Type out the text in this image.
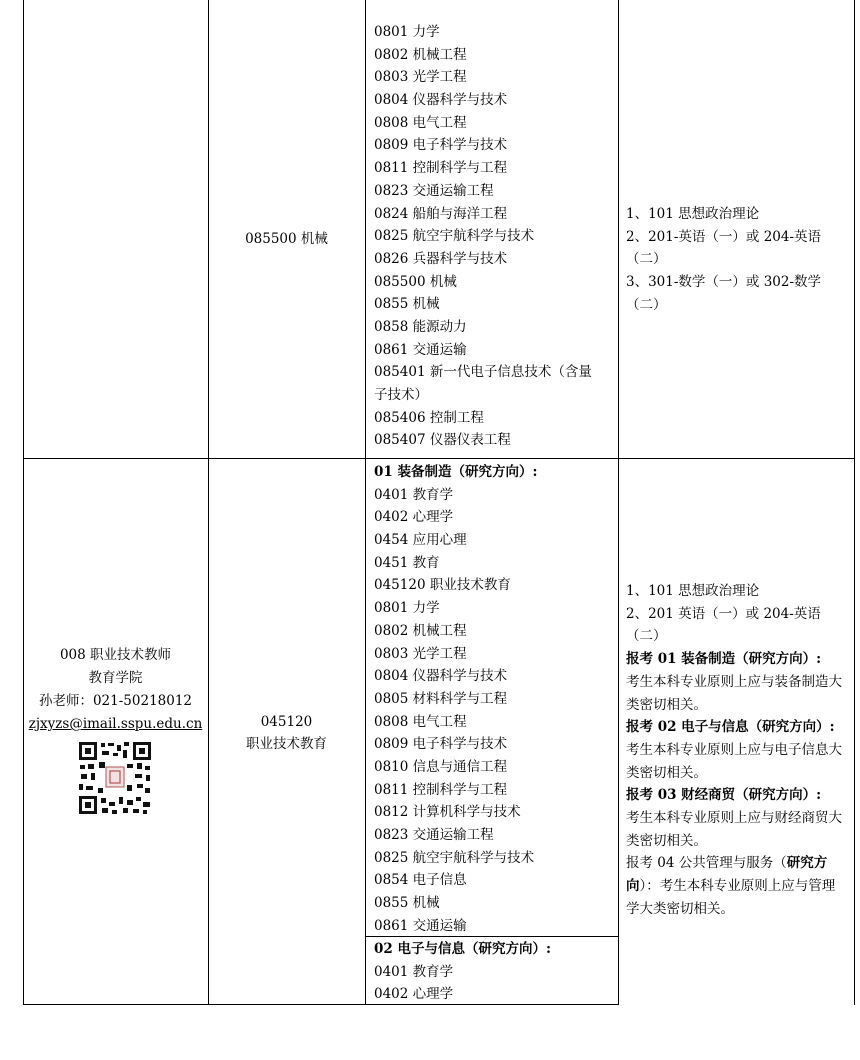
085500 机械
0801 力学
0802 机械工程
0803 光学工程
0804 仪器科学与技术
0808 电气工程
0809 电子科学与技术
0811 控制科学与工程
0823 交通运输工程
0824 船舶与海洋工程
0825 航空宇航科学与技术
0826 兵器科学与技术
085500 机械
0855 机械
0858 能源动力
0861 交通运输
085401 新一代电子信息技术（含量
子技术）
085406 控制工程
085407 仪器仪表工程
1、101 思想政治理论
2、201-英语（一）或 204-英语（二）
3、301-数学（一）或 302-数学（二）
008 职业技术教师
教育学院
孙老师：021-50218012
zjxyzs@imail.sspu.edu.cn	045120
职业技术教育
01 装备制造（研究方向）:
0401 教育学
0402 心理学
0454 应用心理
0451 教育
045120 职业技术教育
0801 力学
0802 机械工程
0803 光学工程
0804 仪器科学与技术
0805 材料科学与工程
0808 电气工程
0809 电子科学与技术
0810 信息与通信工程
0811 控制科学与工程
0812 计算机科学与技术
0823 交通运输工程
0825 航空宇航科学与技术
0854 电子信息
0855 机械
0861 交通运输
02 电子与信息（研究方向）:
0401 教育学
0402 心理学
1、101 思想政治理论
2、201 英语（一）或 204-英语（二）
报考 01 装备制造（研究方向）:
考生本科专业原则上应与装备制造大类密切相关。
报考 02 电子与信息（研究方向）:
考生本科专业原则上应与电子信息大类密切相关。
报考 03 财经商贸（研究方向）:
考生本科专业原则上应与财经商贸大类密切相关。
报考 04 公共管理与服务（研究方向）：考生本科专业原则上应与管理学大类密切相关。
